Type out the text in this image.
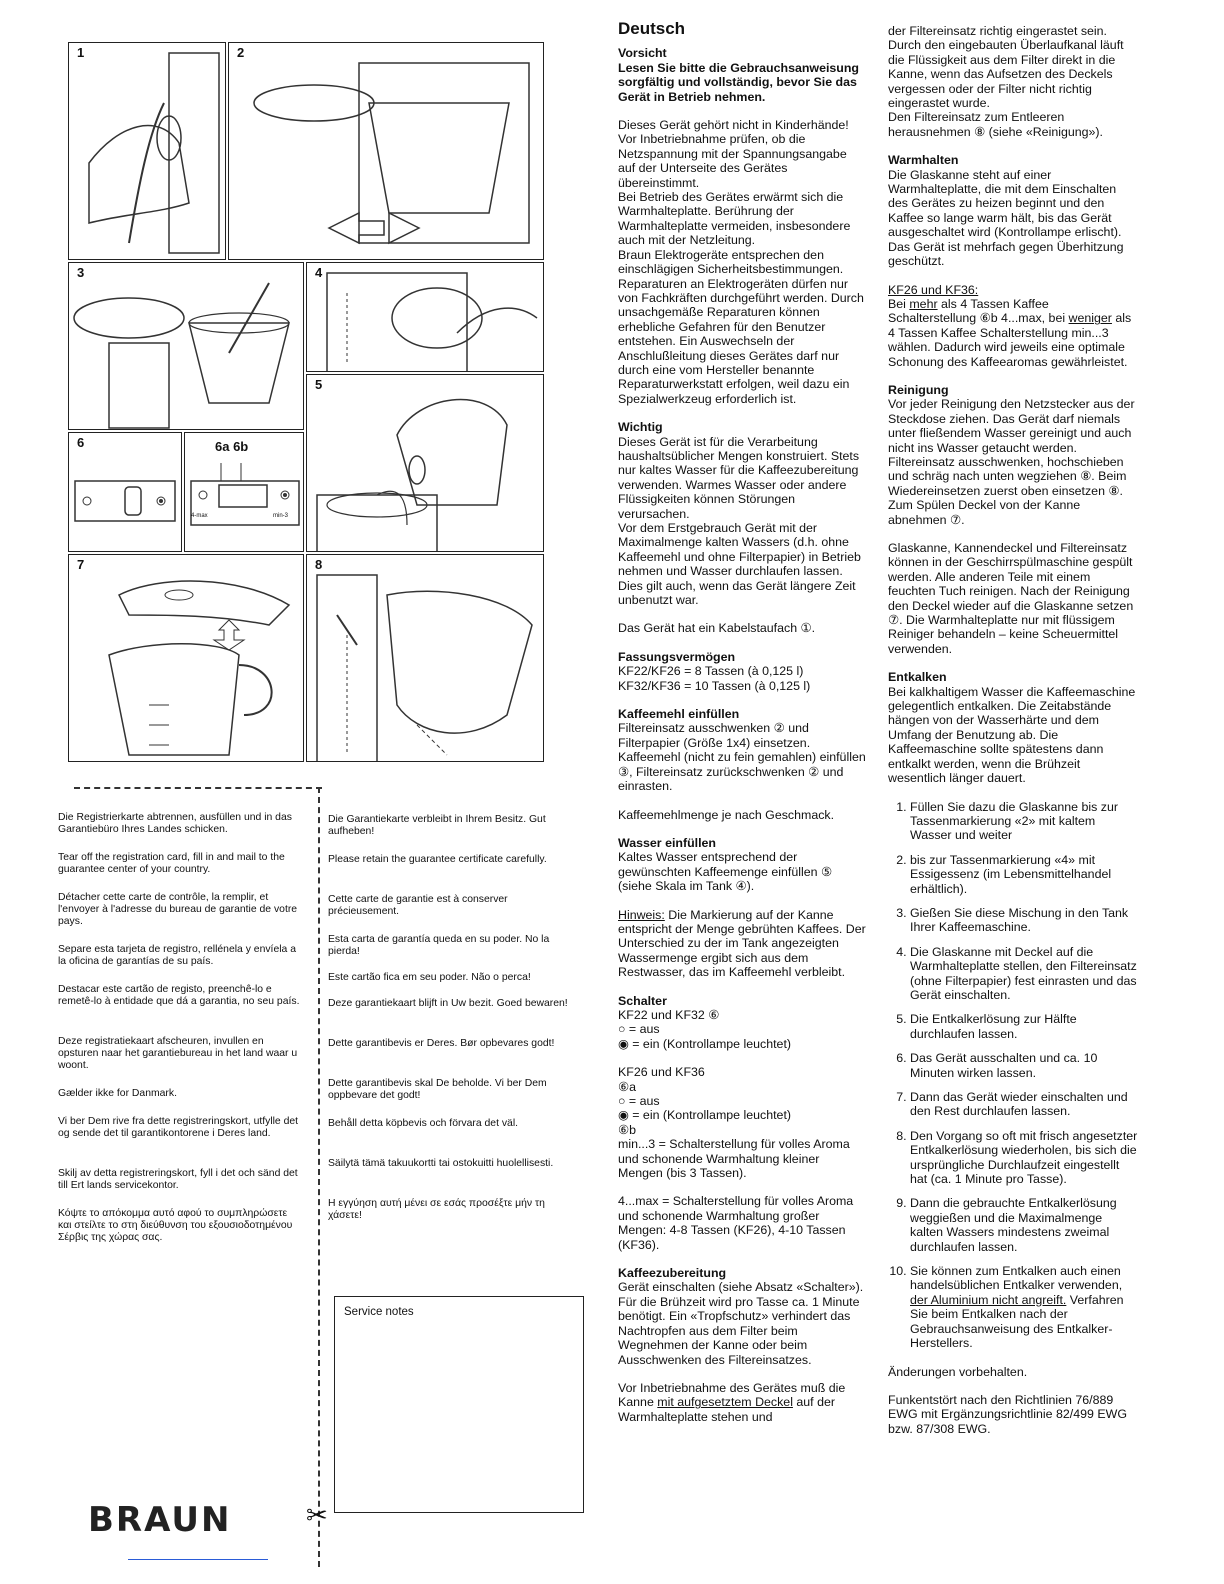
1	2
3	4
5
6	6a 6b
4-max	min-3
7	8
Die Registrierkarte abtrennen, ausfüllen und in das Garantiebüro Ihres Landes schicken.
Tear off the registration card, fill in and mail to the guarantee center of your country.
Détacher cette carte de contrôle, la remplir, et l'envoyer à l'adresse du bureau de garantie de votre pays.
Separe esta tarjeta de registro, rellénela y envíela a la oficina de garantías de su país.
Destacar este cartão de registo, preenchê-lo e remetê-lo à entidade que dá a garantia, no seu país.
Deze registratiekaart afscheuren, invullen en opsturen naar het garantiebureau in het land waar u woont.
Gælder ikke for Danmark.
Vi ber Dem rive fra dette registreringskort, utfylle det og sende det til garantikontorene i Deres land.
Skilj av detta registreringskort, fyll i det och sänd det till Ert lands servicekontor.
Κόψτε το απόκομμα αυτό αφού το συμπληρώσετε και στείλτε το στη διεύθυνση του εξουσιοδοτημένου Σέρβις της χώρας σας.
Die Garantiekarte verbleibt in Ihrem Besitz. Gut aufheben!
Please retain the guarantee certificate carefully.
Cette carte de garantie est à conserver précieusement.
Esta carta de garantía queda en su poder. No la pierda!
Este cartão fica em seu poder. Não o perca!
Deze garantiekaart blijft in Uw bezit. Goed bewaren!
Dette garantibevis er Deres. Bør opbevares godt!
Dette garantibevis skal De beholde. Vi ber Dem oppbevare det godt!
Behåll detta köpbevis och förvara det väl.
Säilytä tämä takuukortti tai ostokuitti huolellisesti.
Η εγγύηση αυτή μένει σε εσάς προσέξτε μήν τη χάσετε!
Service notes
BRAUN	✂
Deutsch

Vorsicht
Lesen Sie bitte die Gebrauchsanweisung sorgfältig und vollständig, bevor Sie das Gerät in Betrieb nehmen.

Dieses Gerät gehört nicht in Kinderhände!
Vor Inbetriebnahme prüfen, ob die Netzspannung mit der Spannungsangabe auf der Unterseite des Gerätes übereinstimmt.
Bei Betrieb des Gerätes erwärmt sich die Warmhalteplatte. Berührung der Warmhalteplatte vermeiden, insbesondere auch mit der Netzleitung.
Braun Elektrogeräte entsprechen den einschlägigen Sicherheitsbestimmungen. Reparaturen an Elektrogeräten dürfen nur von Fachkräften durchgeführt werden. Durch unsachgemäße Reparaturen können erhebliche Gefahren für den Benutzer entstehen. Ein Auswechseln der Anschlußleitung dieses Gerätes darf nur durch eine vom Hersteller benannte Reparaturwerkstatt erfolgen, weil dazu ein Spezialwerkzeug erforderlich ist.

Wichtig
Dieses Gerät ist für die Verarbeitung haushaltsüblicher Mengen konstruiert. Stets nur kaltes Wasser für die Kaffeezubereitung verwenden. Warmes Wasser oder andere Flüssigkeiten können Störungen verursachen.
Vor dem Erstgebrauch Gerät mit der Maximalmenge kalten Wassers (d.h. ohne Kaffeemehl und ohne Filterpapier) in Betrieb nehmen und Wasser durchlaufen lassen. Dies gilt auch, wenn das Gerät längere Zeit unbenutzt war.

Das Gerät hat ein Kabelstaufach ①.

Fassungsvermögen
KF22/KF26 = 8 Tassen (à 0,125 l)
KF32/KF36 = 10 Tassen (à 0,125 l)

Kaffeemehl einfüllen
Filtereinsatz ausschwenken ② und Filterpapier (Größe 1x4) einsetzen. Kaffeemehl (nicht zu fein gemahlen) einfüllen ③, Filtereinsatz zurückschwenken ② und einrasten.

Kaffeemehlmenge je nach Geschmack.

Wasser einfüllen
Kaltes Wasser entsprechend der gewünschten Kaffeemenge einfüllen ⑤ (siehe Skala im Tank ④).

Hinweis: Die Markierung auf der Kanne entspricht der Menge gebrühten Kaffees. Der Unterschied zu der im Tank angezeigten Wassermenge ergibt sich aus dem Restwasser, das im Kaffeemehl verbleibt.

Schalter
KF22 und KF32 ⑥
○ = aus
◉ = ein (Kontrollampe leuchtet)

KF26 und KF36
⑥a
○ = aus
◉ = ein (Kontrollampe leuchtet)
⑥b
min...3 = Schalterstellung für volles Aroma und schonende Warmhaltung kleiner Mengen (bis 3 Tassen).

4...max = Schalterstellung für volles Aroma und schonende Warmhaltung großer Mengen: 4-8 Tassen (KF26), 4-10 Tassen (KF36).

Kaffeezubereitung
Gerät einschalten (siehe Absatz «Schalter»). Für die Brühzeit wird pro Tasse ca. 1 Minute benötigt. Ein «Tropfschutz» verhindert das Nachtropfen aus dem Filter beim Wegnehmen der Kanne oder beim Ausschwenken des Filtereinsatzes.

Vor Inbetriebnahme des Gerätes muß die Kanne mit aufgesetztem Deckel auf der Warmhalteplatte stehen und

der Filtereinsatz richtig eingerastet sein. Durch den eingebauten Überlaufkanal läuft die Flüssigkeit aus dem Filter direkt in die Kanne, wenn das Aufsetzen des Deckels vergessen oder der Filter nicht richtig eingerastet wurde.
Den Filtereinsatz zum Entleeren herausnehmen ⑧ (siehe «Reinigung»).

Warmhalten
Die Glaskanne steht auf einer Warmhalteplatte, die mit dem Einschalten des Gerätes zu heizen beginnt und den Kaffee so lange warm hält, bis das Gerät ausgeschaltet wird (Kontrollampe erlischt).
Das Gerät ist mehrfach gegen Überhitzung geschützt.

KF26 und KF36:
Bei mehr als 4 Tassen Kaffee Schalterstellung ⑥b 4...max, bei weniger als 4 Tassen Kaffee Schalterstellung min...3 wählen. Dadurch wird jeweils eine optimale Schonung des Kaffeearomas gewährleistet.

Reinigung
Vor jeder Reinigung den Netzstecker aus der Steckdose ziehen. Das Gerät darf niemals unter fließendem Wasser gereinigt und auch nicht ins Wasser getaucht werden. Filtereinsatz ausschwenken, hochschieben und schräg nach unten wegziehen ⑧. Beim Wiedereinsetzen zuerst oben einsetzen ⑧. Zum Spülen Deckel von der Kanne abnehmen ⑦.

Glaskanne, Kannendeckel und Filtereinsatz können in der Geschirrspülmaschine gespült werden. Alle anderen Teile mit einem feuchten Tuch reinigen. Nach der Reinigung den Deckel wieder auf die Glaskanne setzen ⑦. Die Warmhalteplatte nur mit flüssigem Reiniger behandeln – keine Scheuermittel verwenden.

Entkalken
Bei kalkhaltigem Wasser die Kaffeemaschine gelegentlich entkalken. Die Zeitabstände hängen von der Wasserhärte und dem Umfang der Benutzung ab. Die Kaffeemaschine sollte spätestens dann entkalkt werden, wenn die Brühzeit wesentlich länger dauert.

1. Füllen Sie dazu die Glaskanne bis zur Tassenmarkierung «2» mit kaltem Wasser und weiter
2. bis zur Tassenmarkierung «4» mit Essigessenz (im Lebensmittelhandel erhältlich).
3. Gießen Sie diese Mischung in den Tank Ihrer Kaffeemaschine.
4. Die Glaskanne mit Deckel auf die Warmhalteplatte stellen, den Filtereinsatz (ohne Filterpapier) fest einrasten und das Gerät einschalten.
5. Die Entkalkerlösung zur Hälfte durchlaufen lassen.
6. Das Gerät ausschalten und ca. 10 Minuten wirken lassen.
7. Dann das Gerät wieder einschalten und den Rest durchlaufen lassen.
8. Den Vorgang so oft mit frisch angesetzter Entkalkerlösung wiederholen, bis sich die ursprüngliche Durchlaufzeit eingestellt hat (ca. 1 Minute pro Tasse).
9. Dann die gebrauchte Entkalkerlösung weggießen und die Maximalmenge kalten Wassers mindestens zweimal durchlaufen lassen.
10. Sie können zum Entkalken auch einen handelsüblichen Entkalker verwenden, der Aluminium nicht angreift. Verfahren Sie beim Entkalken nach der Gebrauchsanweisung des Entkalker-Herstellers.

Änderungen vorbehalten.

Funkentstört nach den Richtlinien 76/889 EWG mit Ergänzungsrichtlinie 82/499 EWG bzw. 87/308 EWG.
